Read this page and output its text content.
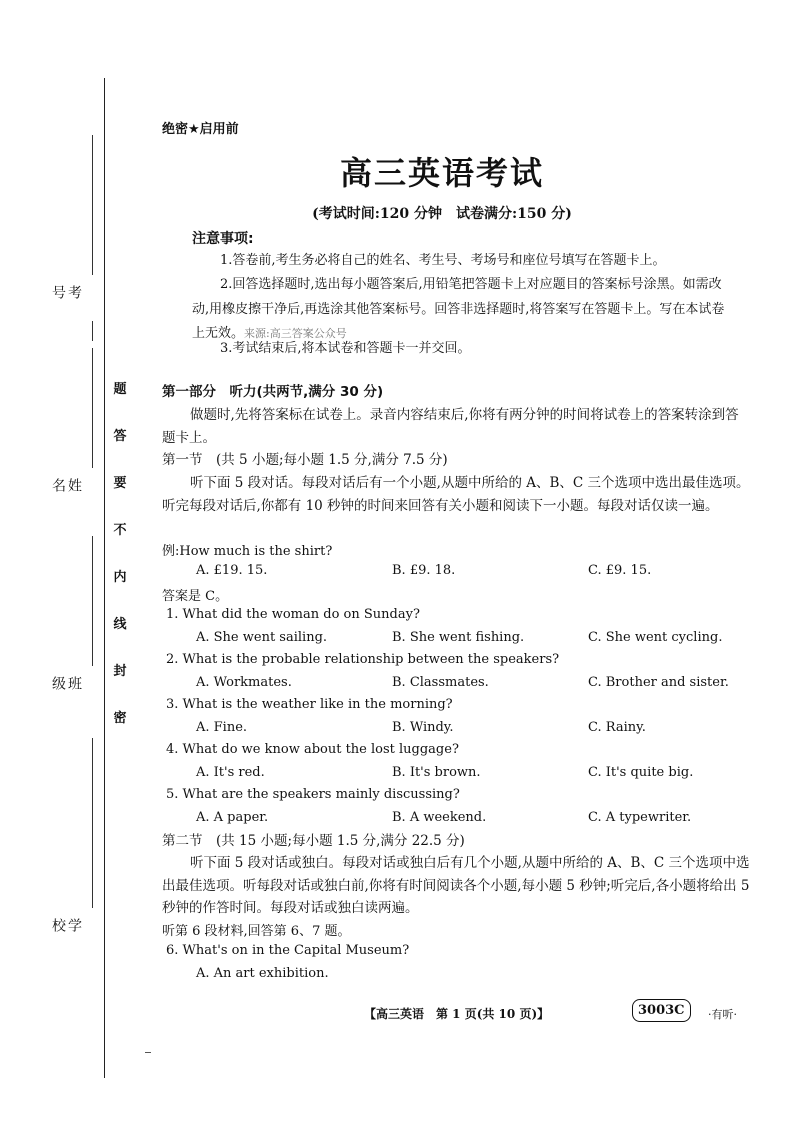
考号
姓名
班级
学校
题
答
要
不
内
线
封
密
绝密★启用前
高三英语考试
(考试时间:120 分钟　试卷满分:150 分)
注意事项:
1.答卷前,考生务必将自己的姓名、考生号、考场号和座位号填写在答题卡上。
2.回答选择题时,选出每小题答案后,用铅笔把答题卡上对应题目的答案标号涂黑。如需改动,用橡皮擦干净后,再选涂其他答案标号。回答非选择题时,将答案写在答题卡上。写在本试卷上无效。来源:高三答案公众号
3.考试结束后,将本试卷和答题卡一并交回。
第一部分　听力(共两节,满分 30 分)
做题时,先将答案标在试卷上。录音内容结束后,你将有两分钟的时间将试卷上的答案转涂到答题卡上。
第一节　(共 5 小题;每小题 1.5 分,满分 7.5 分)
听下面 5 段对话。每段对话后有一个小题,从题中所给的 A、B、C 三个选项中选出最佳选项。听完每段对话后,你都有 10 秒钟的时间来回答有关小题和阅读下一小题。每段对话仅读一遍。
例:How much is the shirt?
A. £19. 15.	B. £9. 18.	C. £9. 15.
答案是 C。
1. What did the woman do on Sunday?
A. She went sailing.	B. She went fishing.	C. She went cycling.
2. What is the probable relationship between the speakers?
A. Workmates.	B. Classmates.	C. Brother and sister.
3. What is the weather like in the morning?
A. Fine.	B. Windy.	C. Rainy.
4. What do we know about the lost luggage?
A. It's red.	B. It's brown.	C. It's quite big.
5. What are the speakers mainly discussing?
A. A paper.	B. A weekend.	C. A typewriter.
第二节　(共 15 小题;每小题 1.5 分,满分 22.5 分)
听下面 5 段对话或独白。每段对话或独白后有几个小题,从题中所给的 A、B、C 三个选项中选出最佳选项。听每段对话或独白前,你将有时间阅读各个小题,每小题 5 秒钟;听完后,各小题将给出 5 秒钟的作答时间。每段对话或独白读两遍。
听第 6 段材料,回答第 6、7 题。
6. What's on in the Capital Museum?
A. An art exhibition.
【高三英语　第 1 页(共 10 页)】	3003C	·有听·
